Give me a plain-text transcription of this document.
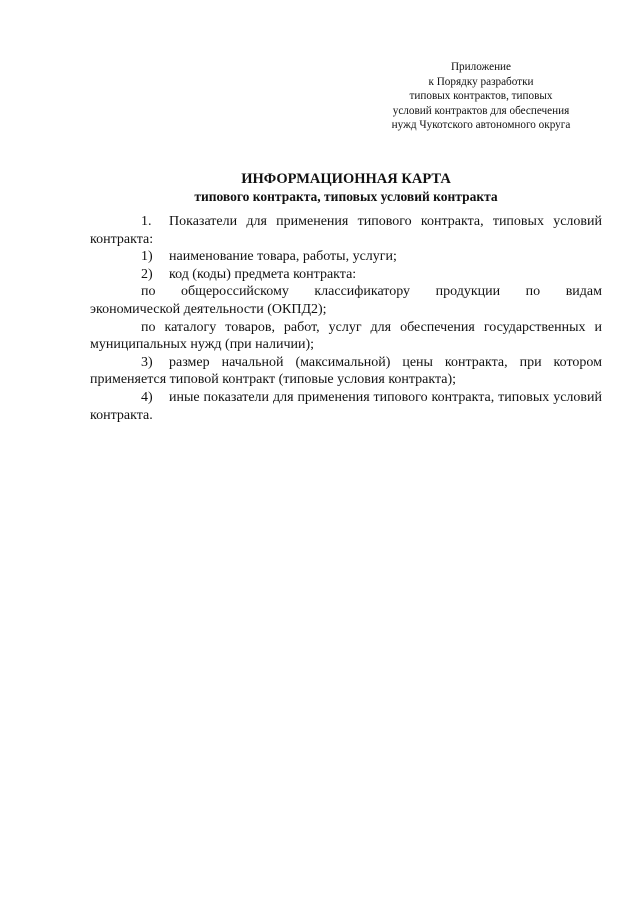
Приложение
к Порядку разработки
типовых контрактов, типовых
условий контрактов для обеспечения
нужд Чукотского автономного округа
ИНФОРМАЦИОННАЯ КАРТА
типового контракта, типовых условий контракта

1. Показатели для применения типового контракта, типовых условий контракта:

1) наименование товара, работы, услуги;

2) код (коды) предмета контракта:

по общероссийскому классификатору продукции по видам

экономической деятельности (ОКПД2);

по каталогу товаров, работ, услуг для обеспечения государственных и муниципальных нужд (при наличии);

3) размер начальной (максимальной) цены контракта, при котором применяется типовой контракт (типовые условия контракта);

4) иные показатели для применения типового контракта, типовых условий контракта.
